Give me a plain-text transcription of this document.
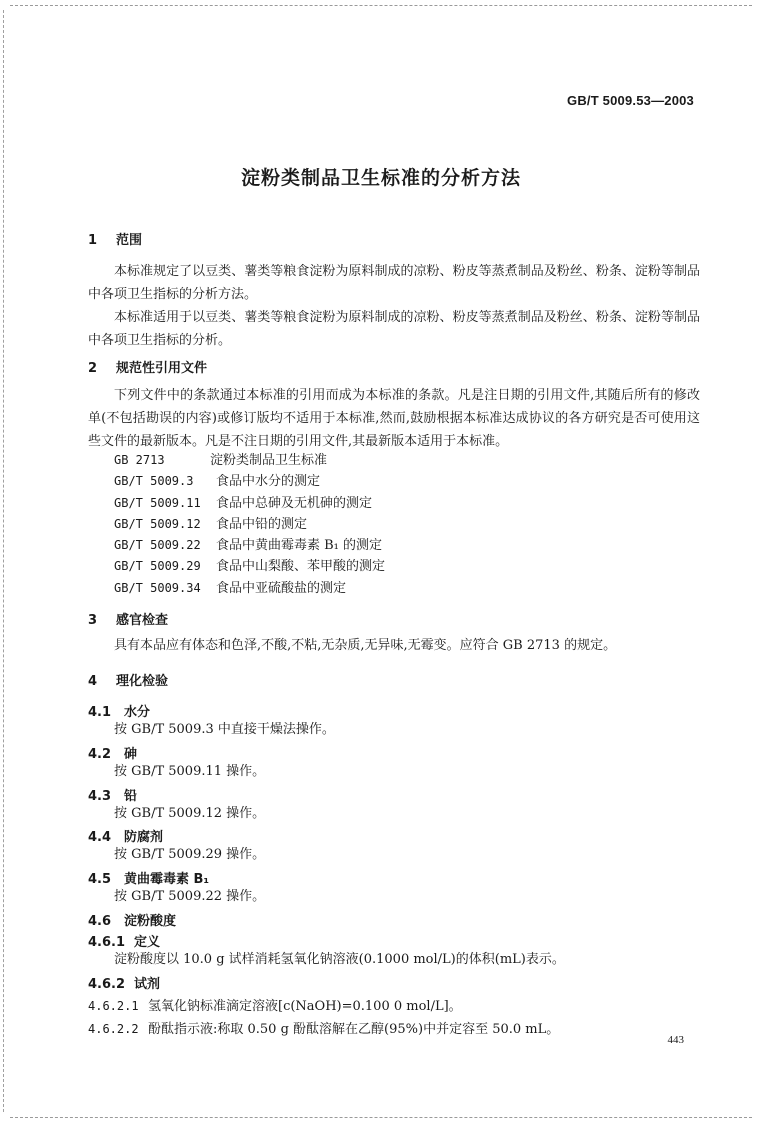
GB/T 5009.53—2003
淀粉类制品卫生标准的分析方法
1 范围
本标准规定了以豆类、薯类等粮食淀粉为原料制成的凉粉、粉皮等蒸煮制品及粉丝、粉条、淀粉等制品中各项卫生指标的分析方法。
本标准适用于以豆类、薯类等粮食淀粉为原料制成的凉粉、粉皮等蒸煮制品及粉丝、粉条、淀粉等制品中各项卫生指标的分析。
2 规范性引用文件
下列文件中的条款通过本标准的引用而成为本标准的条款。凡是注日期的引用文件,其随后所有的修改单(不包括勘误的内容)或修订版均不适用于本标准,然而,鼓励根据本标准达成协议的各方研究是否可使用这些文件的最新版本。凡是不注日期的引用文件,其最新版本适用于本标准。
GB 2713	淀粉类制品卫生标准
GB/T 5009.3 食品中水分的测定
GB/T 5009.11 食品中总砷及无机砷的测定
GB/T 5009.12 食品中铅的测定
GB/T 5009.22 食品中黄曲霉毒素 B₁ 的测定
GB/T 5009.29 食品中山梨酸、苯甲酸的测定
GB/T 5009.34 食品中亚硫酸盐的测定
3 感官检查
具有本品应有体态和色泽,不酸,不粘,无杂质,无异味,无霉变。应符合 GB 2713 的规定。
4 理化检验
4.1 水分
按 GB/T 5009.3 中直接干燥法操作。
4.2 砷
按 GB/T 5009.11 操作。
4.3 铅
按 GB/T 5009.12 操作。
4.4 防腐剂
按 GB/T 5009.29 操作。
4.5 黄曲霉毒素 B₁
按 GB/T 5009.22 操作。
4.6 淀粉酸度
4.6.1 定义
淀粉酸度以 10.0 g 试样消耗氢氧化钠溶液(0.1000 mol/L)的体积(mL)表示。
4.6.2 试剂
4.6.2.1 氢氧化钠标准滴定溶液[c(NaOH)=0.100 0 mol/L]。
4.6.2.2 酚酞指示液:称取 0.50 g 酚酞溶解在乙醇(95%)中并定容至 50.0 mL。
443
